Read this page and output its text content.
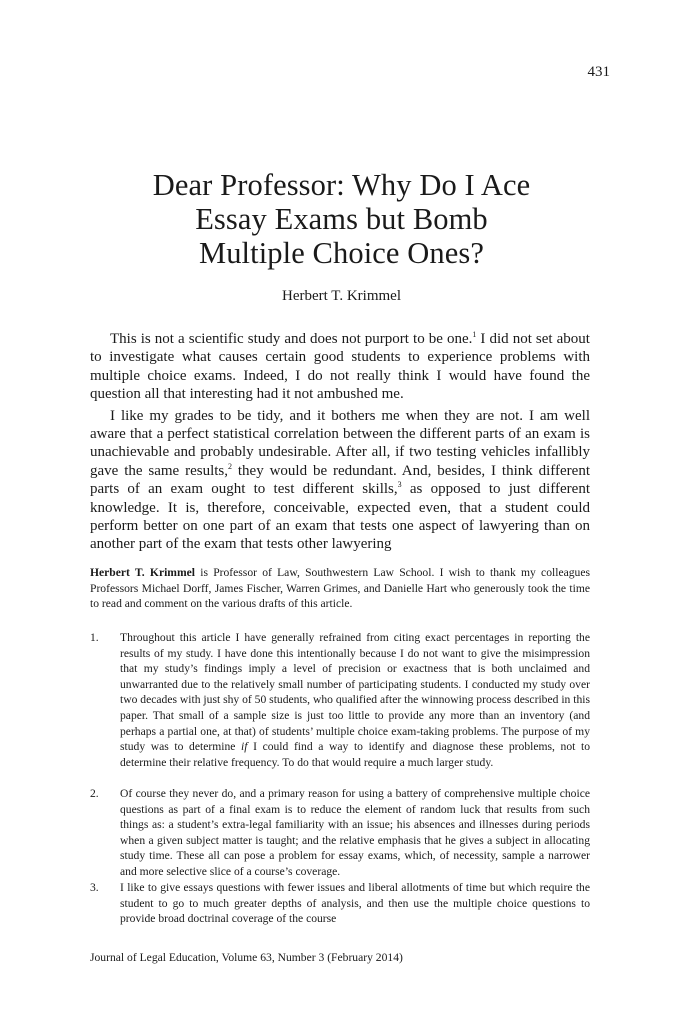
431
Dear Professor: Why Do I Ace
Essay Exams but Bomb
Multiple Choice Ones?
Herbert T. Krimmel

This is not a scientific study and does not purport to be one.$^1$ I did not set about to investigate what causes certain good students to experience problems with multiple choice exams. Indeed, I do not really think I would have found the question all that interesting had it not ambushed me.

I like my grades to be tidy, and it bothers me when they are not. I am well aware that a perfect statistical correlation between the different parts of an exam is unachievable and probably undesirable. After all, if two testing vehicles infallibly gave the same results,$^2$ they would be redundant. And, besides, I think different parts of an exam ought to test different skills,$^3$ as opposed to just different knowledge. It is, therefore, conceivable, expected even, that a student could perform better on one part of an exam that tests one aspect of lawyering than on another part of the exam that tests other lawyering

Herbert T. Krimmel is Professor of Law, Southwestern Law School. I wish to thank my colleagues Professors Michael Dorff, James Fischer, Warren Grimes, and Danielle Hart who generously took the time to read and comment on the various drafts of this article.

1. Throughout this article I have generally refrained from citing exact percentages in reporting the results of my study. I have done this intentionally because I do not want to give the misimpression that my study’s findings imply a level of precision or exactness that is both unclaimed and unwarranted due to the relatively small number of participating students. I conducted my study over two decades with just shy of 50 students, who qualified after the winnowing process described in this paper. That small of a sample size is just too little to provide any more than an inventory (and perhaps a partial one, at that) of students’ multiple choice exam-taking problems. The purpose of my study was to determine if I could find a way to identify and diagnose these problems, not to determine their relative frequency. To do that would require a much larger study.
2. Of course they never do, and a primary reason for using a battery of comprehensive multiple choice questions as part of a final exam is to reduce the element of random luck that results from such things as: a student’s extra-legal familiarity with an issue; his absences and illnesses during periods when a given subject matter is taught; and the relative emphasis that he gives a subject in allocating study time. These all can pose a problem for essay exams, which, of necessity, sample a narrower and more selective slice of a course’s coverage.
3. I like to give essays questions with fewer issues and liberal allotments of time but which require the student to go to much greater depths of analysis, and then use the multiple choice questions to provide broad doctrinal coverage of the course
Journal of Legal Education, Volume 63, Number 3 (February 2014)
